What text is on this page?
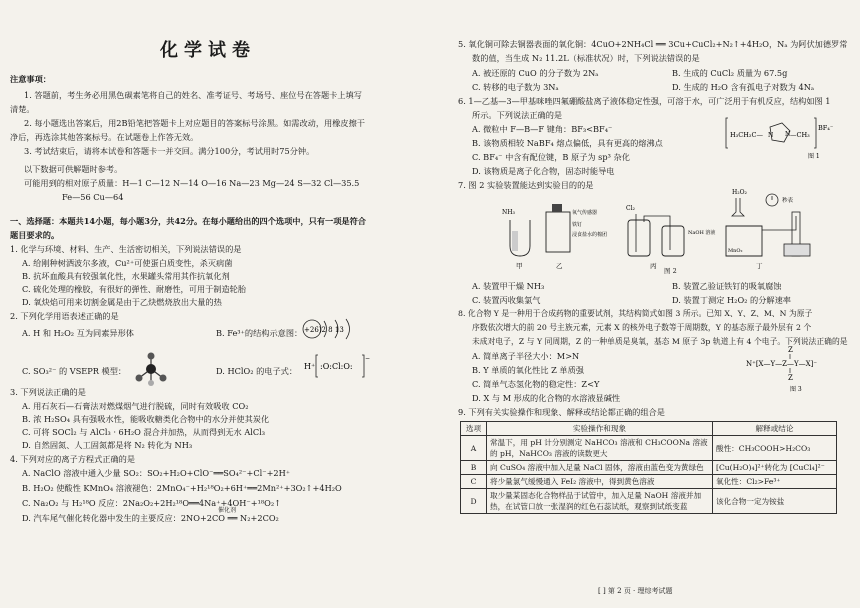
化学试卷
注意事项：
1. 答题前，考生务必用黑色碳素笔将自己的姓名、准考证号、考场号、座位号在答题卡上填写
清楚。
2. 每小题选出答案后，用2B铅笔把答题卡上对应题目的答案标号涂黑。如需改动，用橡皮擦干
净后，再选涂其他答案标号。在试题卷上作答无效。
3. 考试结束后，请将本试卷和答题卡一并交回。满分100分，考试用时75分钟。
以下数据可供解题时参考。
可能用到的相对原子质量：H—1 C—12 N—14 O—16 Na—23 Mg—24 S—32 Cl—35.5
Fe—56 Cu—64
一、选择题：本题共14小题，每小题3分，共42分。在每小题给出的四个选项中，只有一项是符合
题目要求的。
1. 化学与环境、材料、生产、生活密切相关，下列说法错误的是
A. 给刚种树洒波尔多液，Cu²⁺可使蛋白质变性，杀灭病菌
B. 抗坏血酸具有较强氧化性，水果罐头常用其作抗氧化剂
C. 硫化处理的橡胶，有很好的弹性、耐磨性，可用于制造轮胎
D. 氧炔焰可用来切割金属是由于乙炔燃烧放出大量的热
2. 下列化学用语表述正确的是
A. H 和 H₂O₂ 互为同素异形体	B. Fe³⁺的结构示意图：
C. SO₃²⁻ 的 VSEPR 模型：	D. HClO₂ 的电子式：
3. 下列说法正确的是
A. 用石灰石—石膏法对燃煤烟气进行脱硫，同时有效吸收 CO₂
B. 浓 H₂SO₄ 具有强吸水性，能吸收糖类化合物中的水分并使其炭化
C. 可将 SOCl₂ 与 AlCl₃ · 6H₂O 混合并加热，从而得到无水 AlCl₃
D. 自然固氮、人工固氮都是将 N₂ 转化为 NH₃
4. 下列对应的离子方程式正确的是
A. NaClO 溶液中通入少量 SO₂：SO₂+H₂O+ClO⁻══SO₄²⁻+Cl⁻+2H⁺
B. H₂O₂ 使酸性 KMnO₄ 溶液褪色：2MnO₄⁻+H₂¹⁸O₂+6H⁺══2Mn²⁺+3O₂↑+4H₂O
C. Na₂O₂ 与 H₂¹⁸O 反应：2Na₂O₂+2H₂¹⁸O══4Na⁺+4OH⁻+¹⁸O₂↑
D. 汽车尾气催化转化器中发生的主要反应：2NO+2CO ══ N₂+2CO₂
催化剂
+26)2 8 13
H⁺ :O:Cl:O:
−
5. 氧化铜可除去铜器表面的氧化铜：4CuO+2NH₄Cl ══ 3Cu+CuCl₂+N₂↑+4H₂O，Nₐ 为阿伏加德罗常
数的值，当生成 N₂ 11.2L（标准状况）时，下列说法错误的是
A. 被还原的 CuO 的分子数为 2Nₐ	B. 生成的 CuCl₂ 质量为 67.5g
C. 转移的电子数为 3Nₐ	D. 生成的 H₂O 含有孤电子对数为 4Nₐ
6. 1—乙基—3—甲基咪唑四氟硼酸盐离子液体稳定性强，可溶于水，可广泛用于有机反应，结构如图 1
所示。下列说法正确的是
A. 微粒中 F—B—F 键角：BF₃<BF₄⁻
B. 该物质相较 NaBF₄ 熔点偏低，具有更高的熔沸点
C. BF₄⁻ 中含有配位键，B 原子为 sp³ 杂化
D. 该物质是离子化合物，固态时能导电
7. 图 2 实验装置能达到实验目的的是
H₃CH₂C— N N —CH₃
BF₄⁻
图 1
NH₃
甲
氧气传感器
铁钉
浸食盐水的棉团
乙
Cl₂
NaOH 溶液
丙
H₂O₂
MnO₂
秒表
丁
图 2
A. 装置甲干燥 NH₃	B. 装置乙验证铁钉的吸氧腐蚀
C. 装置丙收集氯气	D. 装置丁测定 H₂O₂ 的分解速率
8. 化合物 Y 是一种用于合成药物的重要试剂，其结构简式如图 3 所示。已知 X、Y、Z、M、N 为原子
序数依次增大的前 20 号主族元素，元素 X 的核外电子数等于周期数，Y 的基态原子最外层有 2 个
未成对电子，Z 与 Y 同周期，Z 的一种单质是臭氧，基态 M 原子 3p 轨道上有 4 个电子。下列说法正确的是
A. 简单离子半径大小：M>N
B. Y 单质的氧化性比 Z 单质强
C. 简单气态氢化物的稳定性：Z<Y
D. X 与 M 形成的化合物的水溶液显碱性
N⁺[X—Y—Z—Y—X]⁻
Z
Z
图 3
9. 下列有关实验操作和现象、解释或结论都正确的组合是
选项	实验操作和现象	解释或结论
A	常温下，用 pH 计分别测定 NaHCO₃ 溶液和 CH₃COONa 溶液的 pH，NaHCO₃ 溶液的读数更大	酸性：CH₃COOH>H₂CO₃
B	向 CuSO₄ 溶液中加入足量 NaCl 固体，溶液由蓝色变为黄绿色	[Cu(H₂O)₄]²⁺转化为 [CuCl₄]²⁻
C	将少量氯气缓慢通入 FeI₂ 溶液中，得到黄色溶液	氧化性：Cl₂>Fe³⁺
D	取少量某固态化合物样品于试管中，加入足量 NaOH 溶液并加热，在试管口放一张湿润的红色石蕊试纸，观察到试纸变蓝	该化合物一定为铵盐
[ ] 第 2 页 · 理综考试题
